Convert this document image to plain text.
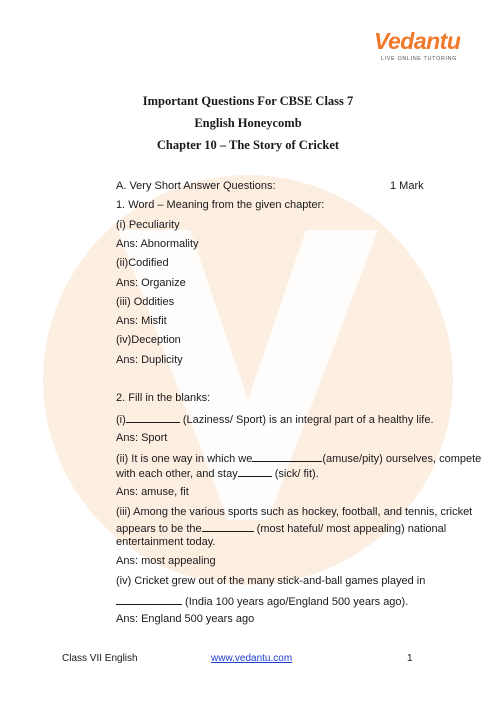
Vedantu
LIVE ONLINE TUTORING
Important Questions For CBSE Class 7
English Honeycomb
Chapter 10 – The Story of Cricket
A. Very Short Answer Questions:	1 Mark
1. Word – Meaning from the given chapter:
(i) Peculiarity
Ans: Abnormality
(ii)Codified
Ans: Organize
(iii) Oddities
Ans: Misfit
(iv)Deception
Ans: Duplicity
2. Fill in the blanks:
(i)	(Laziness/ Sport) is an integral part of a healthy life.
Ans: Sport
(ii) It is one way in which we	(amuse/pity) ourselves, compete
with each other, and stay	(sick/ fit).
Ans: amuse, fit
(iii) Among the various sports such as hockey, football, and tennis, cricket
appears to be the	(most hateful/ most appealing) national
entertainment today.
Ans: most appealing
(iv) Cricket grew out of the many stick-and-ball games played in
(India 100 years ago/England 500 years ago).
Ans: England 500 years ago
Class VII English	www.vedantu.com	1
